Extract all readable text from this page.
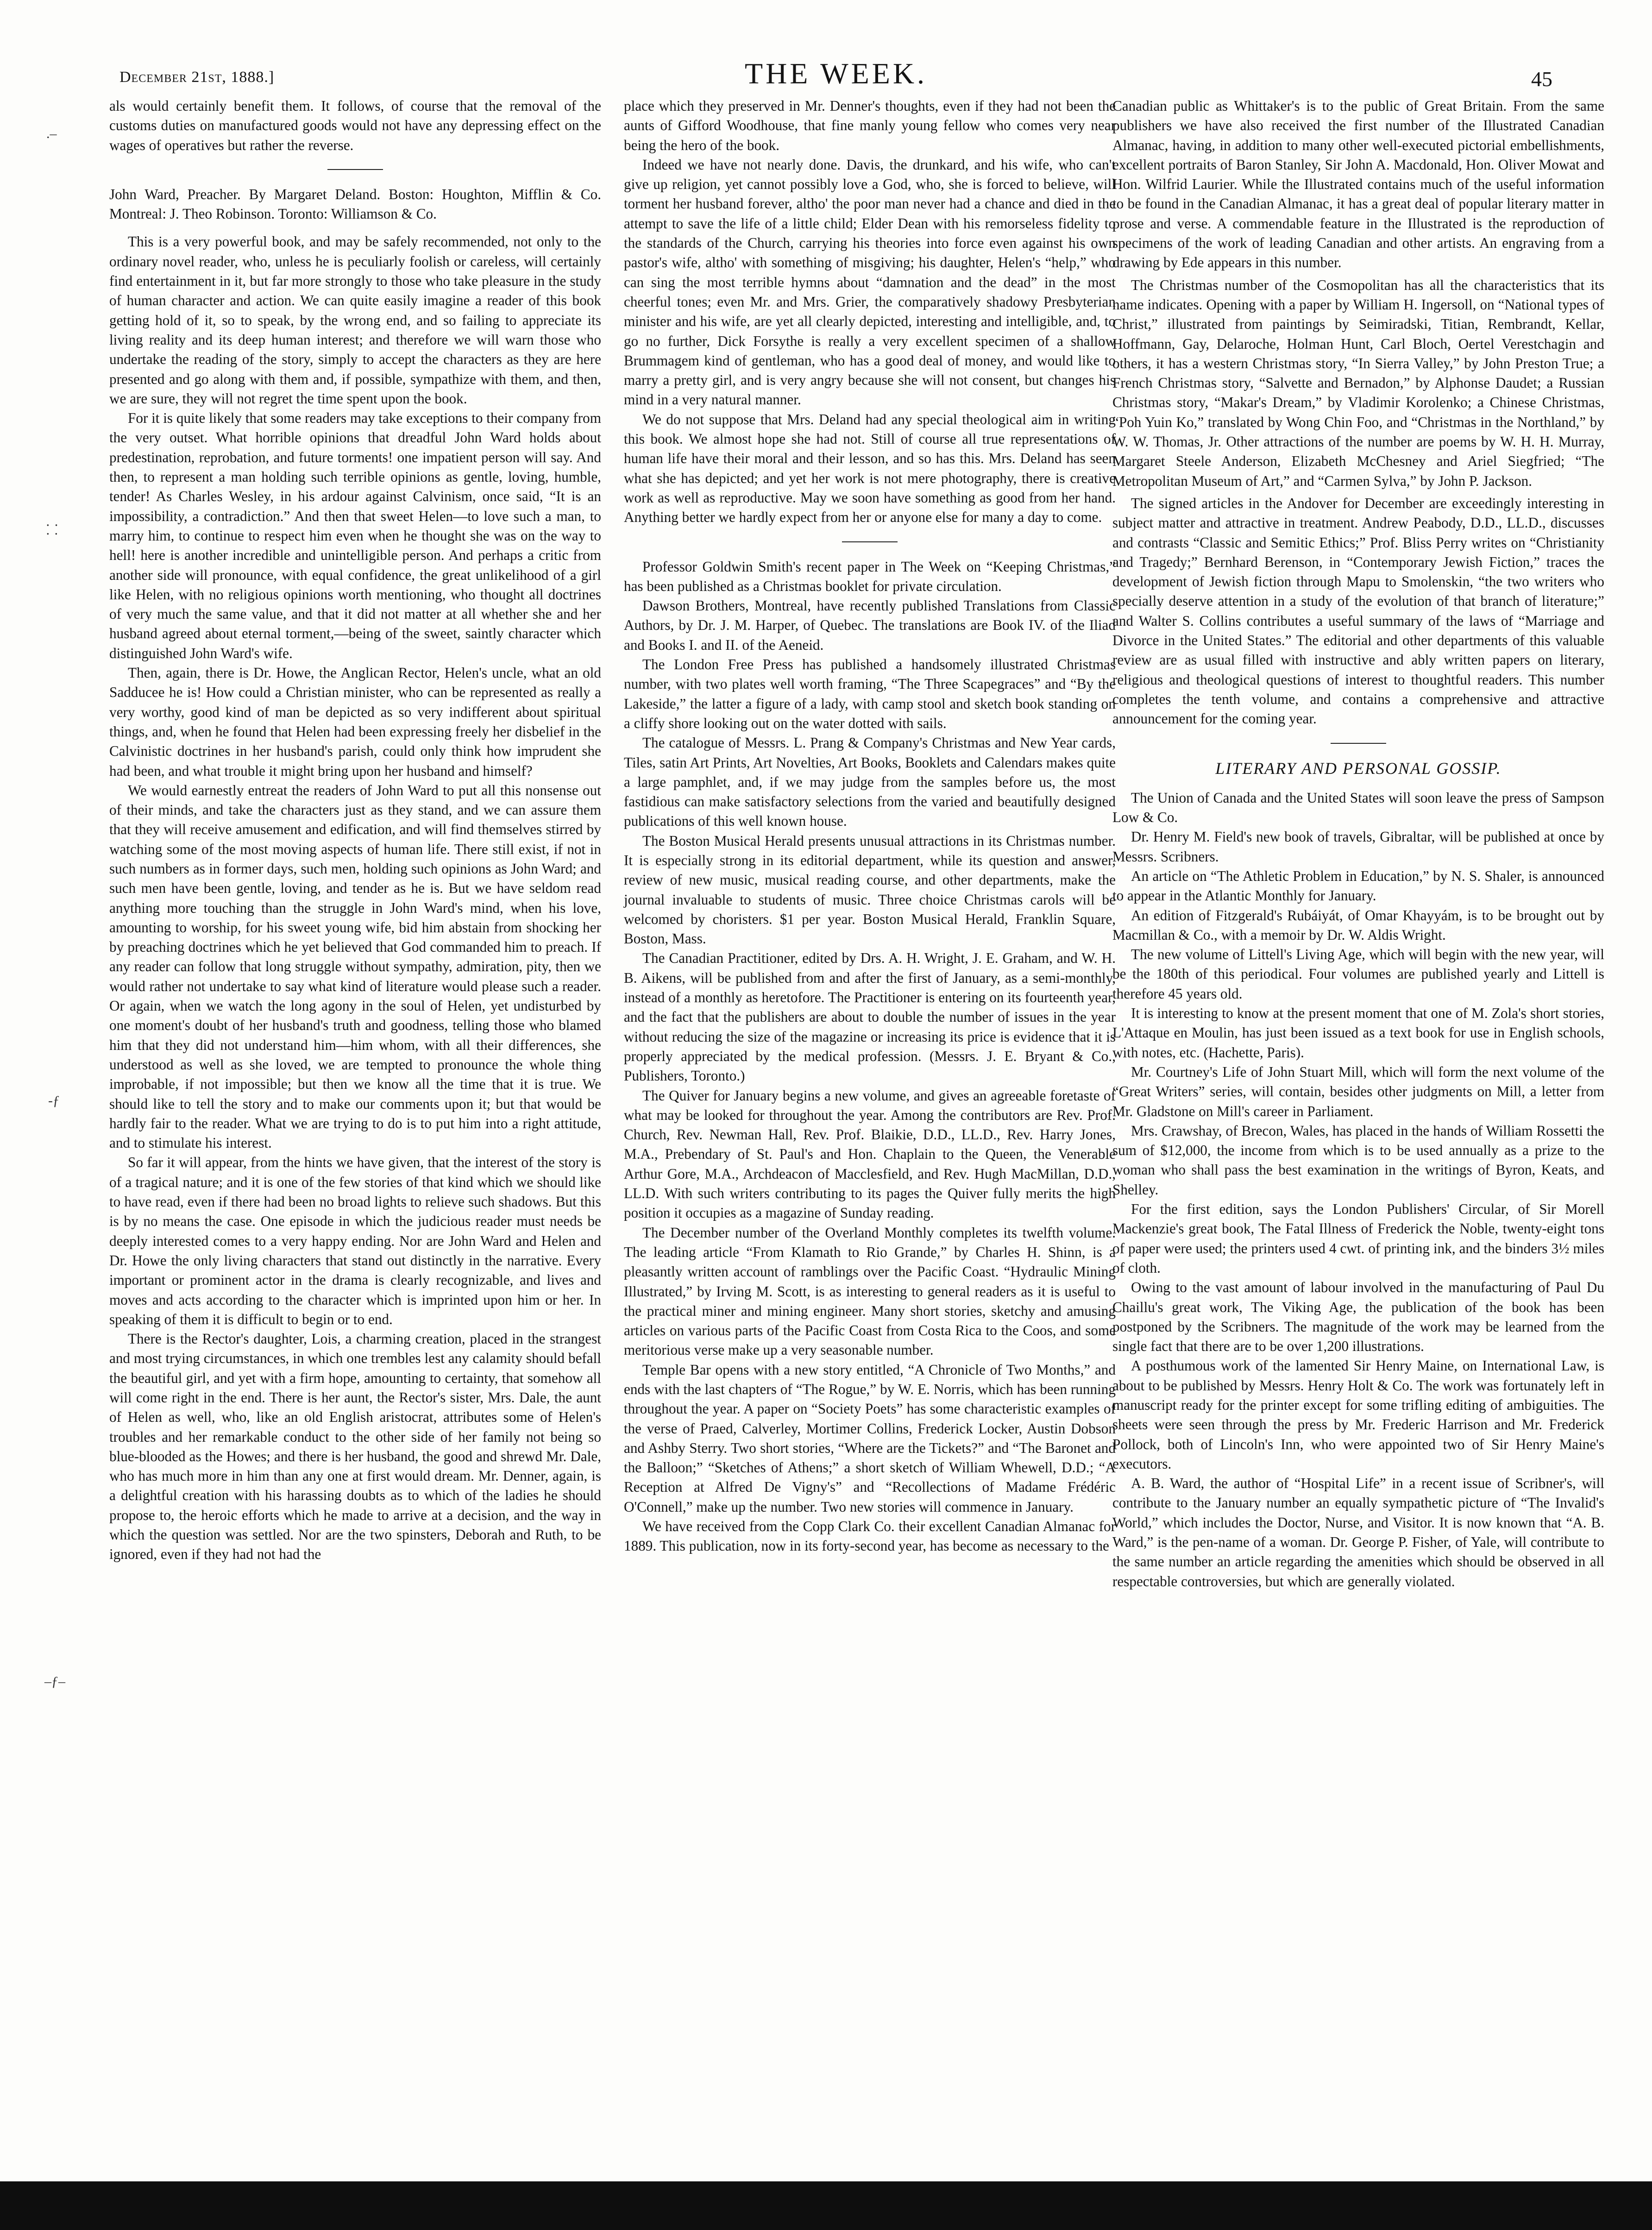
December 21st, 1888.]	THE WEEK.	45
.–
⸬
‑ƒ
–ƒ–

als would certainly benefit them. It follows, of course that the removal of the customs duties on manufactured goods would not have any depressing effect on the wages of operatives but rather the reverse.

John Ward, Preacher. By Margaret Deland. Boston: Houghton, Mifflin & Co. Montreal: J. Theo Robinson. Toronto: Williamson & Co.

This is a very powerful book, and may be safely recommended, not only to the ordinary novel reader, who, unless he is peculiarly foolish or careless, will certainly find entertainment in it, but far more strongly to those who take pleasure in the study of human character and action. We can quite easily imagine a reader of this book getting hold of it, so to speak, by the wrong end, and so failing to appreciate its living reality and its deep human interest; and therefore we will warn those who undertake the reading of the story, simply to accept the characters as they are here presented and go along with them and, if possible, sympathize with them, and then, we are sure, they will not regret the time spent upon the book.

For it is quite likely that some readers may take exceptions to their company from the very outset. What horrible opinions that dreadful John Ward holds about predestination, reprobation, and future torments! one impatient person will say. And then, to represent a man holding such terrible opinions as gentle, loving, humble, tender! As Charles Wesley, in his ardour against Calvinism, once said, “It is an impossibility, a contradiction.” And then that sweet Helen—to love such a man, to marry him, to continue to respect him even when he thought she was on the way to hell! here is another incredible and unintelligible person. And perhaps a critic from another side will pronounce, with equal confidence, the great unlikelihood of a girl like Helen, with no religious opinions worth mentioning, who thought all doctrines of very much the same value, and that it did not matter at all whether she and her husband agreed about eternal torment,—being of the sweet, saintly character which distinguished John Ward's wife.

Then, again, there is Dr. Howe, the Anglican Rector, Helen's uncle, what an old Sadducee he is! How could a Christian minister, who can be represented as really a very worthy, good kind of man be depicted as so very indifferent about spiritual things, and, when he found that Helen had been expressing freely her disbelief in the Calvinistic doctrines in her husband's parish, could only think how imprudent she had been, and what trouble it might bring upon her husband and himself?

We would earnestly entreat the readers of John Ward to put all this nonsense out of their minds, and take the characters just as they stand, and we can assure them that they will receive amusement and edification, and will find themselves stirred by watching some of the most moving aspects of human life. There still exist, if not in such numbers as in former days, such men, holding such opinions as John Ward; and such men have been gentle, loving, and tender as he is. But we have seldom read anything more touching than the struggle in John Ward's mind, when his love, amounting to worship, for his sweet young wife, bid him abstain from shocking her by preaching doctrines which he yet believed that God commanded him to preach. If any reader can follow that long struggle without sympathy, admiration, pity, then we would rather not undertake to say what kind of literature would please such a reader. Or again, when we watch the long agony in the soul of Helen, yet undisturbed by one moment's doubt of her husband's truth and goodness, telling those who blamed him that they did not understand him—him whom, with all their differences, she understood as well as she loved, we are tempted to pronounce the whole thing improbable, if not impossible; but then we know all the time that it is true. We should like to tell the story and to make our comments upon it; but that would be hardly fair to the reader. What we are trying to do is to put him into a right attitude, and to stimulate his interest.

So far it will appear, from the hints we have given, that the interest of the story is of a tragical nature; and it is one of the few stories of that kind which we should like to have read, even if there had been no broad lights to relieve such shadows. But this is by no means the case. One episode in which the judicious reader must needs be deeply interested comes to a very happy ending. Nor are John Ward and Helen and Dr. Howe the only living characters that stand out distinctly in the narrative. Every important or prominent actor in the drama is clearly recognizable, and lives and moves and acts according to the character which is imprinted upon him or her. In speaking of them it is difficult to begin or to end.

There is the Rector's daughter, Lois, a charming creation, placed in the strangest and most trying circumstances, in which one trembles lest any calamity should befall the beautiful girl, and yet with a firm hope, amounting to certainty, that somehow all will come right in the end. There is her aunt, the Rector's sister, Mrs. Dale, the aunt of Helen as well, who, like an old English aristocrat, attributes some of Helen's troubles and her remarkable conduct to the other side of her family not being so blue-blooded as the Howes; and there is her husband, the good and shrewd Mr. Dale, who has much more in him than any one at first would dream. Mr. Denner, again, is a delightful creation with his harassing doubts as to which of the ladies he should propose to, the heroic efforts which he made to arrive at a decision, and the way in which the question was settled. Nor are the two spinsters, Deborah and Ruth, to be ignored, even if they had not had the

place which they preserved in Mr. Denner's thoughts, even if they had not been the aunts of Gifford Woodhouse, that fine manly young fellow who comes very near being the hero of the book.

Indeed we have not nearly done. Davis, the drunkard, and his wife, who can't give up religion, yet cannot possibly love a God, who, she is forced to believe, will torment her husband forever, altho' the poor man never had a chance and died in the attempt to save the life of a little child; Elder Dean with his remorseless fidelity to the standards of the Church, carrying his theories into force even against his own pastor's wife, altho' with something of misgiving; his daughter, Helen's “help,” who can sing the most terrible hymns about “damnation and the dead” in the most cheerful tones; even Mr. and Mrs. Grier, the comparatively shadowy Presbyterian minister and his wife, are yet all clearly depicted, interesting and intelligible, and, to go no further, Dick Forsythe is really a very excellent specimen of a shallow Brummagem kind of gentleman, who has a good deal of money, and would like to marry a pretty girl, and is very angry because she will not consent, but changes his mind in a very natural manner.

We do not suppose that Mrs. Deland had any special theological aim in writing this book. We almost hope she had not. Still of course all true representations of human life have their moral and their lesson, and so has this. Mrs. Deland has seen what she has depicted; and yet her work is not mere photography, there is creative work as well as reproductive. May we soon have something as good from her hand. Anything better we hardly expect from her or anyone else for many a day to come.

Professor Goldwin Smith's recent paper in The Week on “Keeping Christmas,” has been published as a Christmas booklet for private circulation.

Dawson Brothers, Montreal, have recently published Translations from Classic Authors, by Dr. J. M. Harper, of Quebec. The translations are Book IV. of the Iliad and Books I. and II. of the Aeneid.

The London Free Press has published a handsomely illustrated Christmas number, with two plates well worth framing, “The Three Scapegraces” and “By the Lakeside,” the latter a figure of a lady, with camp stool and sketch book standing on a cliffy shore looking out on the water dotted with sails.

The catalogue of Messrs. L. Prang & Company's Christmas and New Year cards, Tiles, satin Art Prints, Art Novelties, Art Books, Booklets and Calendars makes quite a large pamphlet, and, if we may judge from the samples before us, the most fastidious can make satisfactory selections from the varied and beautifully designed publications of this well known house.

The Boston Musical Herald presents unusual attractions in its Christmas number. It is especially strong in its editorial department, while its question and answer, review of new music, musical reading course, and other departments, make the journal invaluable to students of music. Three choice Christmas carols will be welcomed by choristers. $1 per year. Boston Musical Herald, Franklin Square, Boston, Mass.

The Canadian Practitioner, edited by Drs. A. H. Wright, J. E. Graham, and W. H. B. Aikens, will be published from and after the first of January, as a semi-monthly, instead of a monthly as heretofore. The Practitioner is entering on its fourteenth year, and the fact that the publishers are about to double the number of issues in the year without reducing the size of the magazine or increasing its price is evidence that it is properly appreciated by the medical profession. (Messrs. J. E. Bryant & Co., Publishers, Toronto.)

The Quiver for January begins a new volume, and gives an agreeable foretaste of what may be looked for throughout the year. Among the contributors are Rev. Prof. Church, Rev. Newman Hall, Rev. Prof. Blaikie, D.D., LL.D., Rev. Harry Jones, M.A., Prebendary of St. Paul's and Hon. Chaplain to the Queen, the Venerable Arthur Gore, M.A., Archdeacon of Macclesfield, and Rev. Hugh MacMillan, D.D., LL.D. With such writers contributing to its pages the Quiver fully merits the high position it occupies as a magazine of Sunday reading.

The December number of the Overland Monthly completes its twelfth volume. The leading article “From Klamath to Rio Grande,” by Charles H. Shinn, is a pleasantly written account of ramblings over the Pacific Coast. “Hydraulic Mining Illustrated,” by Irving M. Scott, is as interesting to general readers as it is useful to the practical miner and mining engineer. Many short stories, sketchy and amusing articles on various parts of the Pacific Coast from Costa Rica to the Coos, and some meritorious verse make up a very seasonable number.

Temple Bar opens with a new story entitled, “A Chronicle of Two Months,” and ends with the last chapters of “The Rogue,” by W. E. Norris, which has been running throughout the year. A paper on “Society Poets” has some characteristic examples of the verse of Praed, Calverley, Mortimer Collins, Frederick Locker, Austin Dobson and Ashby Sterry. Two short stories, “Where are the Tickets?” and “The Baronet and the Balloon;” “Sketches of Athens;” a short sketch of William Whewell, D.D.; “A Reception at Alfred De Vigny's” and “Recollections of Madame Frédéric O'Connell,” make up the number. Two new stories will commence in January.

We have received from the Copp Clark Co. their excellent Canadian Almanac for 1889. This publication, now in its forty-second year, has become as necessary to the

Canadian public as Whittaker's is to the public of Great Britain. From the same publishers we have also received the first number of the Illustrated Canadian Almanac, having, in addition to many other well-executed pictorial embellishments, excellent portraits of Baron Stanley, Sir John A. Macdonald, Hon. Oliver Mowat and Hon. Wilfrid Laurier. While the Illustrated contains much of the useful information to be found in the Canadian Almanac, it has a great deal of popular literary matter in prose and verse. A commendable feature in the Illustrated is the reproduction of specimens of the work of leading Canadian and other artists. An engraving from a drawing by Ede appears in this number.

The Christmas number of the Cosmopolitan has all the characteristics that its name indicates. Opening with a paper by William H. Ingersoll, on “National types of Christ,” illustrated from paintings by Seimiradski, Titian, Rembrandt, Kellar, Hoffmann, Gay, Delaroche, Holman Hunt, Carl Bloch, Oertel Verestchagin and others, it has a western Christmas story, “In Sierra Valley,” by John Preston True; a French Christmas story, “Salvette and Bernadon,” by Alphonse Daudet; a Russian Christmas story, “Makar's Dream,” by Vladimir Korolenko; a Chinese Christmas, “Poh Yuin Ko,” translated by Wong Chin Foo, and “Christmas in the Northland,” by W. W. Thomas, Jr. Other attractions of the number are poems by W. H. H. Murray, Margaret Steele Anderson, Elizabeth McChesney and Ariel Siegfried; “The Metropolitan Museum of Art,” and “Carmen Sylva,” by John P. Jackson.

The signed articles in the Andover for December are exceedingly interesting in subject matter and attractive in treatment. Andrew Peabody, D.D., LL.D., discusses and contrasts “Classic and Semitic Ethics;” Prof. Bliss Perry writes on “Christianity and Tragedy;” Bernhard Berenson, in “Contemporary Jewish Fiction,” traces the development of Jewish fiction through Mapu to Smolenskin, “the two writers who specially deserve attention in a study of the evolution of that branch of literature;” and Walter S. Collins contributes a useful summary of the laws of “Marriage and Divorce in the United States.” The editorial and other departments of this valuable review are as usual filled with instructive and ably written papers on literary, religious and theological questions of interest to thoughtful readers. This number completes the tenth volume, and contains a comprehensive and attractive announcement for the coming year.

LITERARY AND PERSONAL GOSSIP.

The Union of Canada and the United States will soon leave the press of Sampson Low & Co.

Dr. Henry M. Field's new book of travels, Gibraltar, will be published at once by Messrs. Scribners.

An article on “The Athletic Problem in Education,” by N. S. Shaler, is announced to appear in the Atlantic Monthly for January.

An edition of Fitzgerald's Rubáiyát, of Omar Khayyám, is to be brought out by Macmillan & Co., with a memoir by Dr. W. Aldis Wright.

The new volume of Littell's Living Age, which will begin with the new year, will be the 180th of this periodical. Four volumes are published yearly and Littell is therefore 45 years old.

It is interesting to know at the present moment that one of M. Zola's short stories, L'Attaque en Moulin, has just been issued as a text book for use in English schools, with notes, etc. (Hachette, Paris).

Mr. Courtney's Life of John Stuart Mill, which will form the next volume of the “Great Writers” series, will contain, besides other judgments on Mill, a letter from Mr. Gladstone on Mill's career in Parliament.

Mrs. Crawshay, of Brecon, Wales, has placed in the hands of William Rossetti the sum of $12,000, the income from which is to be used annually as a prize to the woman who shall pass the best examination in the writings of Byron, Keats, and Shelley.

For the first edition, says the London Publishers' Circular, of Sir Morell Mackenzie's great book, The Fatal Illness of Frederick the Noble, twenty-eight tons of paper were used; the printers used 4 cwt. of printing ink, and the binders 3½ miles of cloth.

Owing to the vast amount of labour involved in the manufacturing of Paul Du Chaillu's great work, The Viking Age, the publication of the book has been postponed by the Scribners. The magnitude of the work may be learned from the single fact that there are to be over 1,200 illustrations.

A posthumous work of the lamented Sir Henry Maine, on International Law, is about to be published by Messrs. Henry Holt & Co. The work was fortunately left in manuscript ready for the printer except for some trifling editing of ambiguities. The sheets were seen through the press by Mr. Frederic Harrison and Mr. Frederick Pollock, both of Lincoln's Inn, who were appointed two of Sir Henry Maine's executors.

A. B. Ward, the author of “Hospital Life” in a recent issue of Scribner's, will contribute to the January number an equally sympathetic picture of “The Invalid's World,” which includes the Doctor, Nurse, and Visitor. It is now known that “A. B. Ward,” is the pen-name of a woman. Dr. George P. Fisher, of Yale, will contribute to the same number an article regarding the amenities which should be observed in all respectable controversies, but which are generally violated.
